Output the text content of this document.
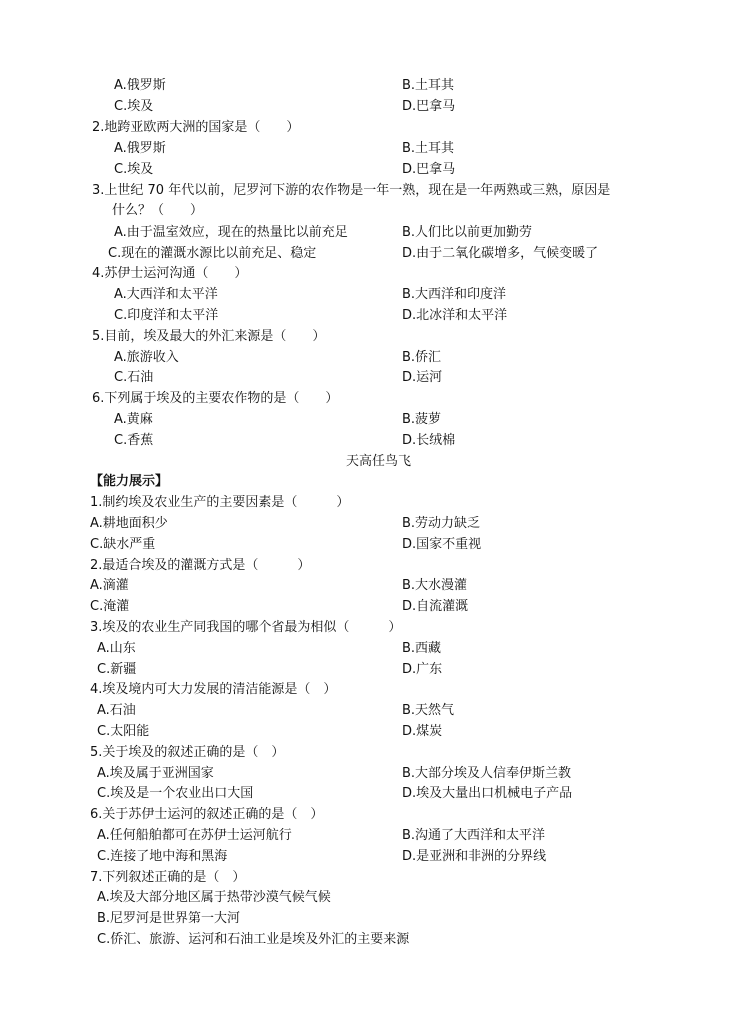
A.俄罗斯	B.土耳其
C.埃及	D.巴拿马
2.地跨亚欧两大洲的国家是（　　）
A.俄罗斯	B.土耳其
C.埃及	D.巴拿马
3.上世纪 70 年代以前，尼罗河下游的农作物是一年一熟，现在是一年两熟或三熟，原因是
什么？（　　）
A.由于温室效应，现在的热量比以前充足	B.人们比以前更加勤劳
C.现在的灌溉水源比以前充足、稳定	D.由于二氧化碳增多，气候变暖了
4.苏伊士运河沟通（　　）
A.大西洋和太平洋	B.大西洋和印度洋
C.印度洋和太平洋	D.北冰洋和太平洋
5.目前，埃及最大的外汇来源是（　　）
A.旅游收入	B.侨汇
C.石油	D.运河
6.下列属于埃及的主要农作物的是（　　）
A.黄麻	B.菠萝
C.香蕉	D.长绒棉
天高任鸟飞
【能力展示】
1.制约埃及农业生产的主要因素是（　　　）
A.耕地面积少	B.劳动力缺乏
C.缺水严重	D.国家不重视
2.最适合埃及的灌溉方式是（　　　）
A.滴灌	B.大水漫灌
C.淹灌	D.自流灌溉
3.埃及的农业生产同我国的哪个省最为相似（　　　）
A.山东	B.西藏
C.新疆	D.广东
4.埃及境内可大力发展的清洁能源是（　）
A.石油	B.天然气
C.太阳能	D.煤炭
5.关于埃及的叙述正确的是（　）
A.埃及属于亚洲国家	B.大部分埃及人信奉伊斯兰教
C.埃及是一个农业出口大国	D.埃及大量出口机械电子产品
6.关于苏伊士运河的叙述正确的是（　）
A.任何船舶都可在苏伊士运河航行	B.沟通了大西洋和太平洋
C.连接了地中海和黑海	D.是亚洲和非洲的分界线
7.下列叙述正确的是（　）
A.埃及大部分地区属于热带沙漠气候气候
B.尼罗河是世界第一大河
C.侨汇、旅游、运河和石油工业是埃及外汇的主要来源
